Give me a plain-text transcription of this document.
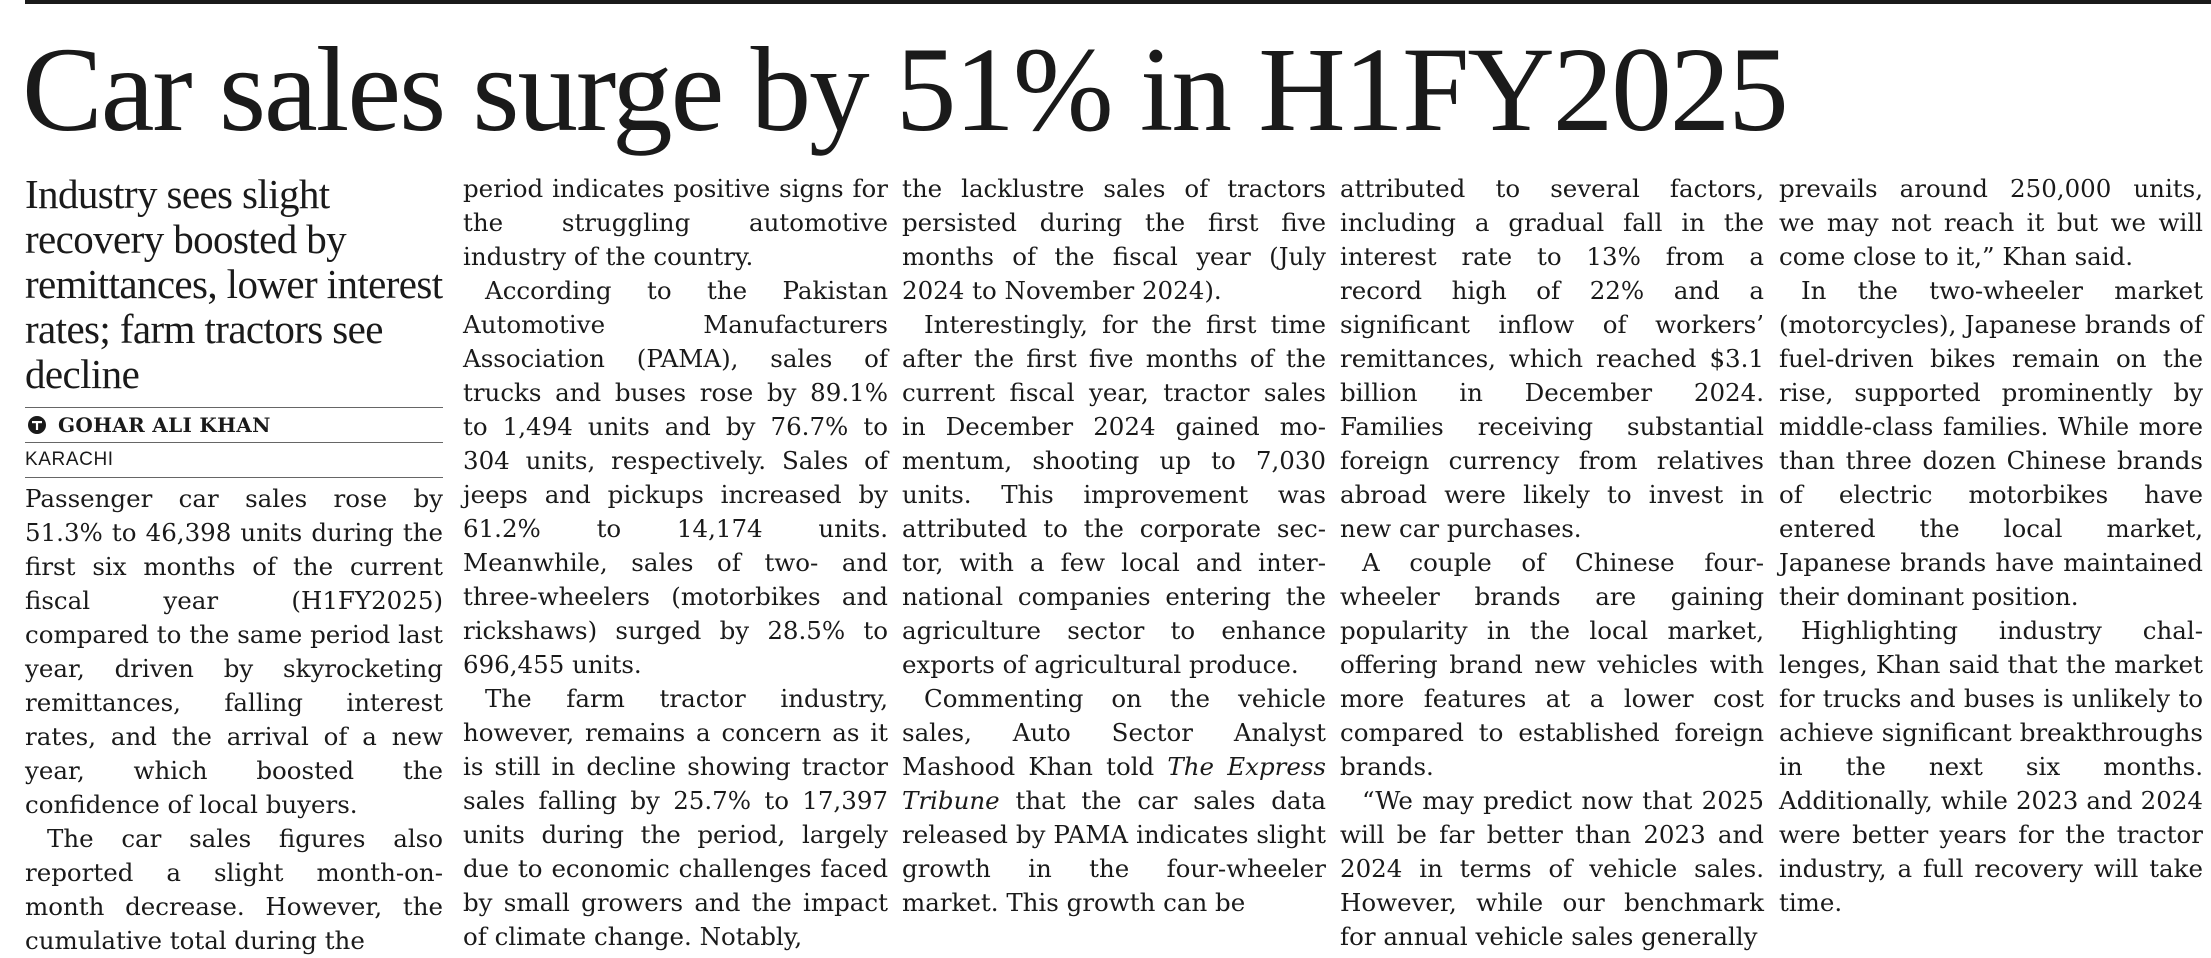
Car sales surge by 51% in H1FY2025
Industry sees slight recovery boosted by remittances, lower interest rates; farm tractors see decline
GOHAR ALI KHAN
KARACHI

Passenger car sales rose by 51.3% to 46,398 units during the first six months of the current fiscal year (H1FY2025) compared to the same period last year, driven by skyrocketing remittances, falling interest rates, and the arrival of a new year, which boosted the confidence of local buyers.

The car sales figures also reported a slight month-on-month decrease. However, the cumulative total during the

period indicates positive signs for the struggling automotive industry of the country.

According to the Pakistan Automotive Manufacturers Association (PAMA), sales of trucks and buses rose by 89.1% to 1,494 units and by 76.7% to 304 units, respectively. Sales of jeeps and pickups increased by 61.2% to 14,174 units. Meanwhile, sales of two- and three-wheelers (motorbikes and rickshaws) surged by 28.5% to 696,455 units.

The farm tractor industry, however, remains a concern as it is still in decline showing tractor sales falling by 25.7% to 17,397 units during the period, largely due to economic challenges faced by small growers and the impact of climate change. Notably,

the lacklustre sales of tractors persisted during the first five months of the fiscal year (July 2024 to November 2024).

Interestingly, for the first time after the first five months of the current fiscal year, tractor sales in December 2024 gained momentum, shooting up to 7,030 units. This improvement was attributed to the corporate sector, with a few local and international companies entering the agriculture sector to enhance exports of agricultural produce.

Commenting on the vehicle sales, Auto Sector Analyst Mashood Khan told The Express Tribune that the car sales data released by PAMA indicates slight growth in the four-wheeler market. This growth can be

attributed to several factors, including a gradual fall in the interest rate to 13% from a record high of 22% and a significant inflow of workers’ remittances, which reached $3.1 billion in December 2024. Families receiving substantial foreign currency from relatives abroad were likely to invest in new car purchases.

A couple of Chinese four-wheeler brands are gaining popularity in the local market, offering brand new vehicles with more features at a lower cost compared to established foreign brands.

“We may predict now that 2025 will be far better than 2023 and 2024 in terms of vehicle sales. However, while our benchmark for annual vehicle sales generally

prevails around 250,000 units, we may not reach it but we will come close to it,” Khan said.

In the two-wheeler market (motorcycles), Japanese brands of fuel-driven bikes remain on the rise, supported prominently by middle-class families. While more than three dozen Chinese brands of electric motorbikes have entered the local market, Japanese brands have maintained their dominant position.

Highlighting industry challenges, Khan said that the market for trucks and buses is unlikely to achieve significant breakthroughs in the next six months. Additionally, while 2023 and 2024 were better years for the tractor industry, a full recovery will take time.
